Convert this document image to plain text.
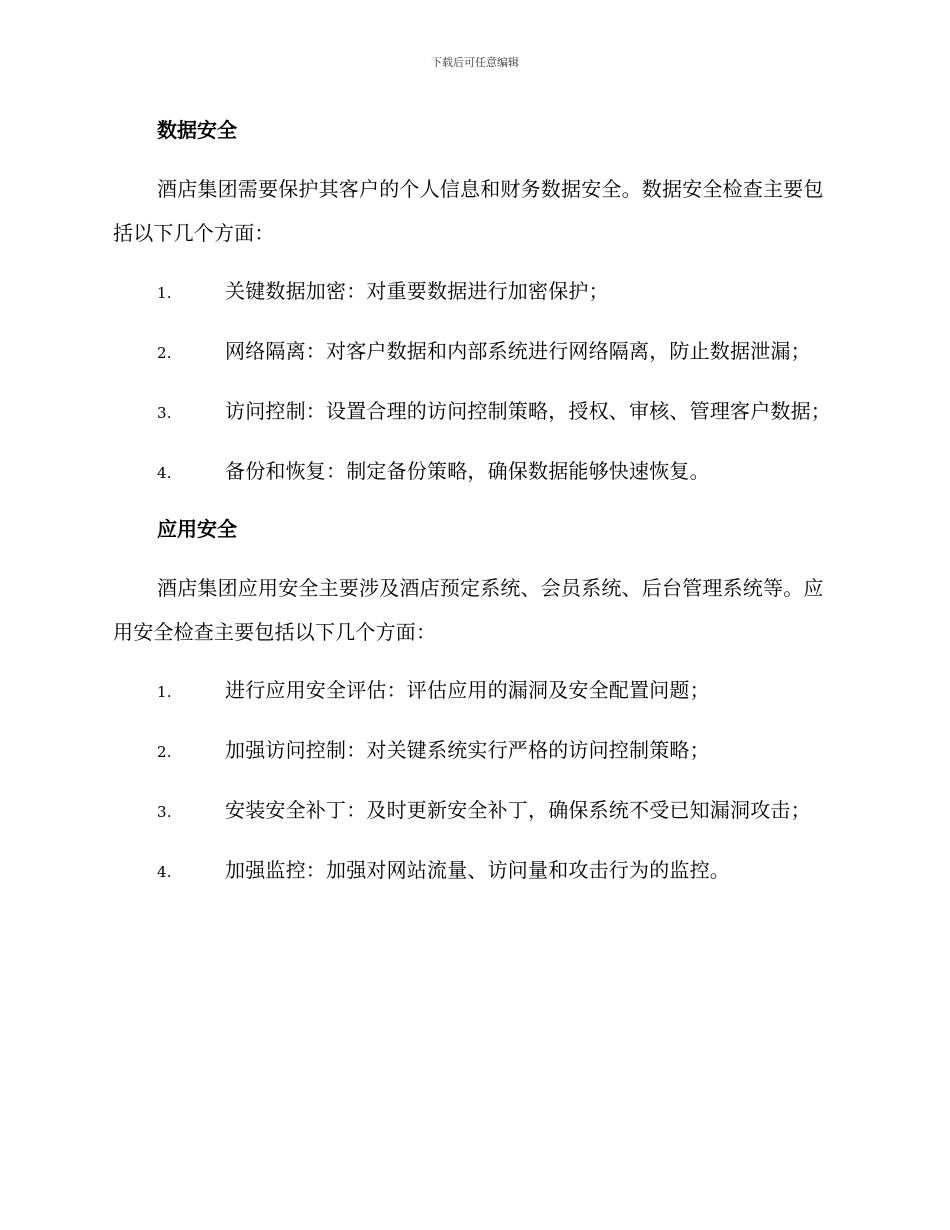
下载后可任意编辑
数据安全
酒店集团需要保护其客户的个人信息和财务数据安全。数据安全检查主要包括以下几个方面：
1.	关键数据加密：对重要数据进行加密保护；
2.	网络隔离：对客户数据和内部系统进行网络隔离，防止数据泄漏；
3.	访问控制：设置合理的访问控制策略，授权、审核、管理客户数据；
4.	备份和恢复：制定备份策略，确保数据能够快速恢复。
应用安全
酒店集团应用安全主要涉及酒店预定系统、会员系统、后台管理系统等。应用安全检查主要包括以下几个方面：
1.	进行应用安全评估：评估应用的漏洞及安全配置问题；
2.	加强访问控制：对关键系统实行严格的访问控制策略；
3.	安装安全补丁：及时更新安全补丁，确保系统不受已知漏洞攻击；
4.	加强监控：加强对网站流量、访问量和攻击行为的监控。
